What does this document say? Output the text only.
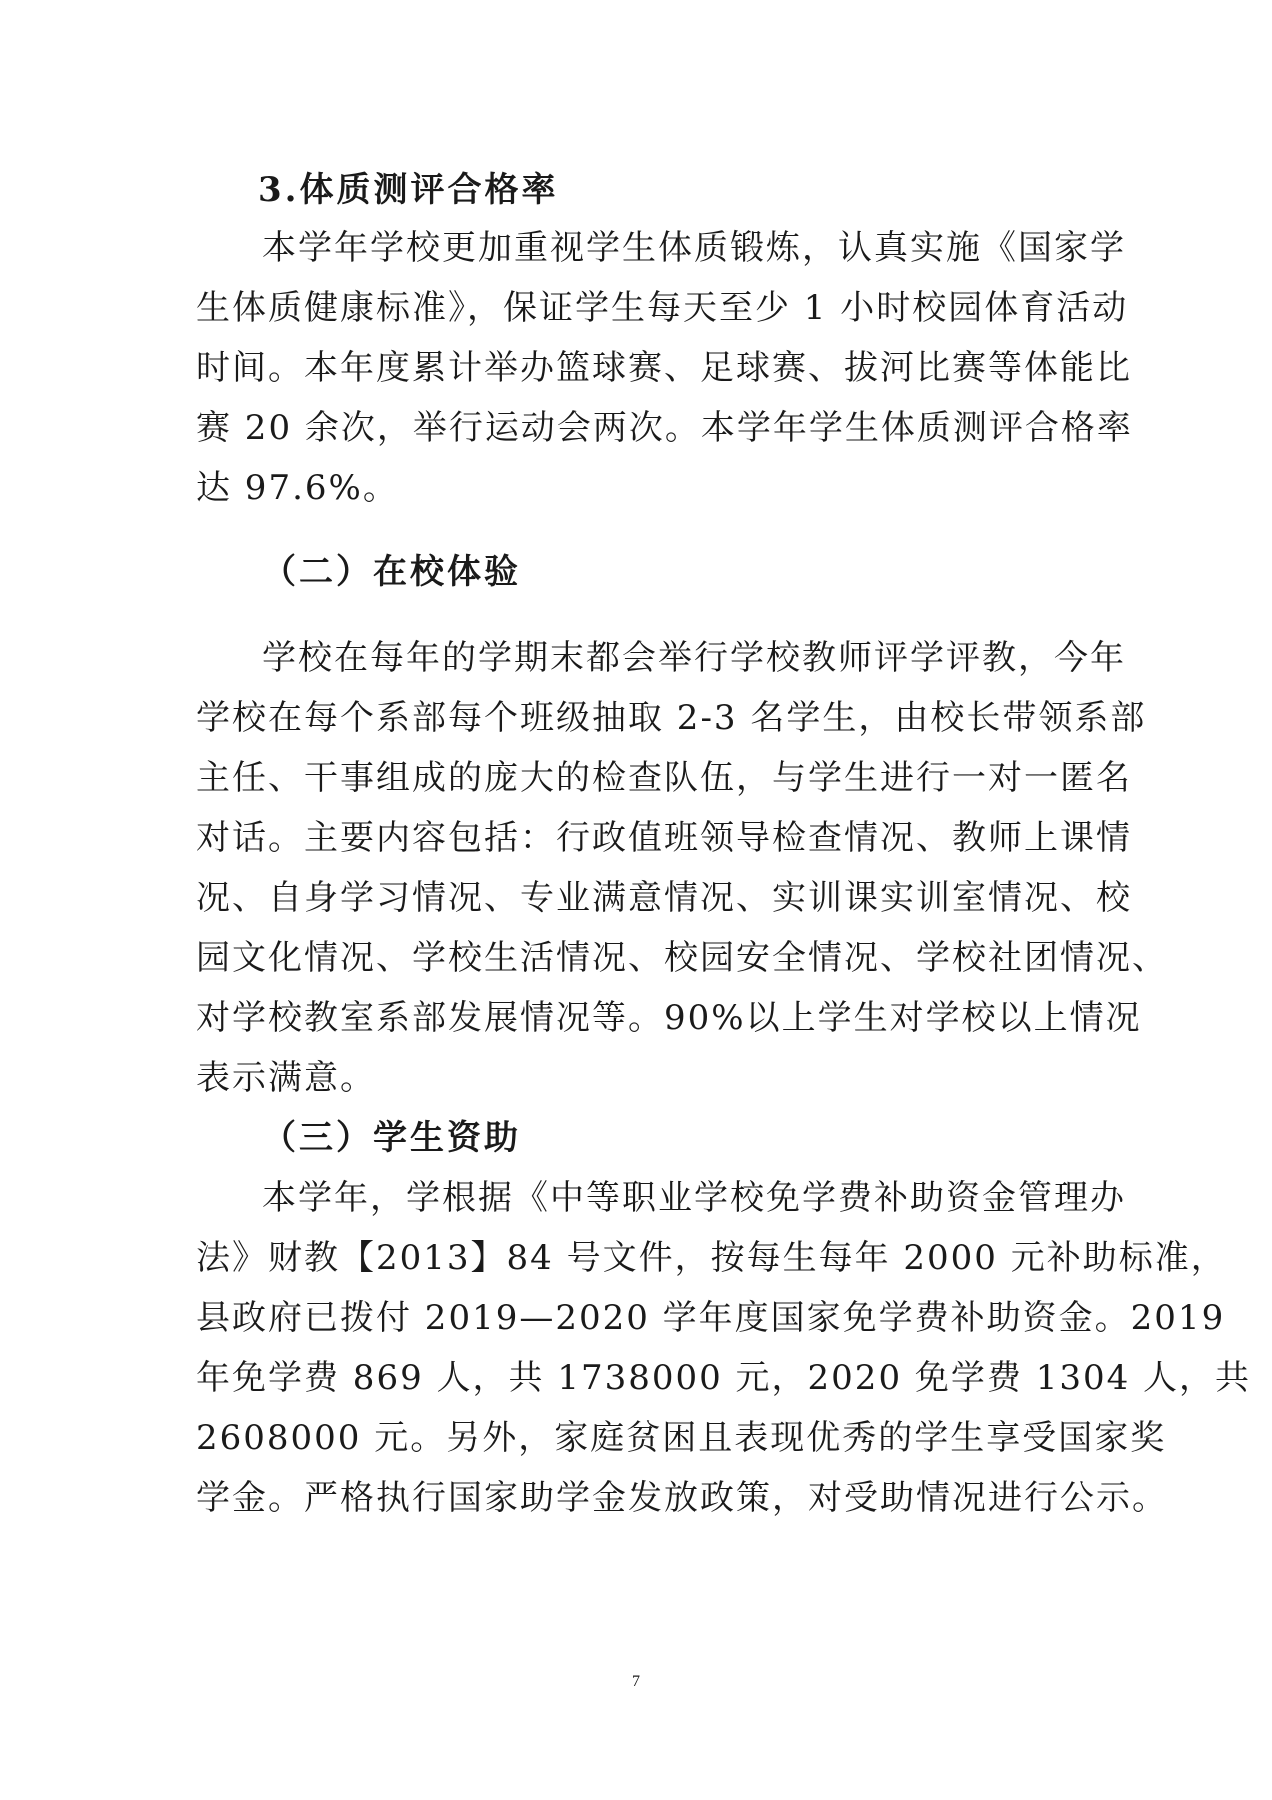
3.体质测评合格率
本学年学校更加重视学生体质锻炼，认真实施《国家学
生体质健康标准》，保证学生每天至少 1 小时校园体育活动
时间。本年度累计举办篮球赛、足球赛、拔河比赛等体能比
赛 20 余次，举行运动会两次。本学年学生体质测评合格率
达 97.6%。
（二）在校体验
学校在每年的学期末都会举行学校教师评学评教，今年
学校在每个系部每个班级抽取 2-3 名学生，由校长带领系部
主任、干事组成的庞大的检查队伍，与学生进行一对一匿名
对话。主要内容包括：行政值班领导检查情况、教师上课情
况、自身学习情况、专业满意情况、实训课实训室情况、校
园文化情况、学校生活情况、校园安全情况、学校社团情况、
对学校教室系部发展情况等。90%以上学生对学校以上情况
表示满意。
（三）学生资助
本学年，学根据《中等职业学校免学费补助资金管理办
法》财教【2013】84 号文件，按每生每年 2000 元补助标准，
县政府已拨付 2019—2020 学年度国家免学费补助资金。2019
年免学费 869 人，共 1738000 元，2020 免学费 1304 人，共
2608000 元。另外，家庭贫困且表现优秀的学生享受国家奖
学金。严格执行国家助学金发放政策，对受助情况进行公示。
7
